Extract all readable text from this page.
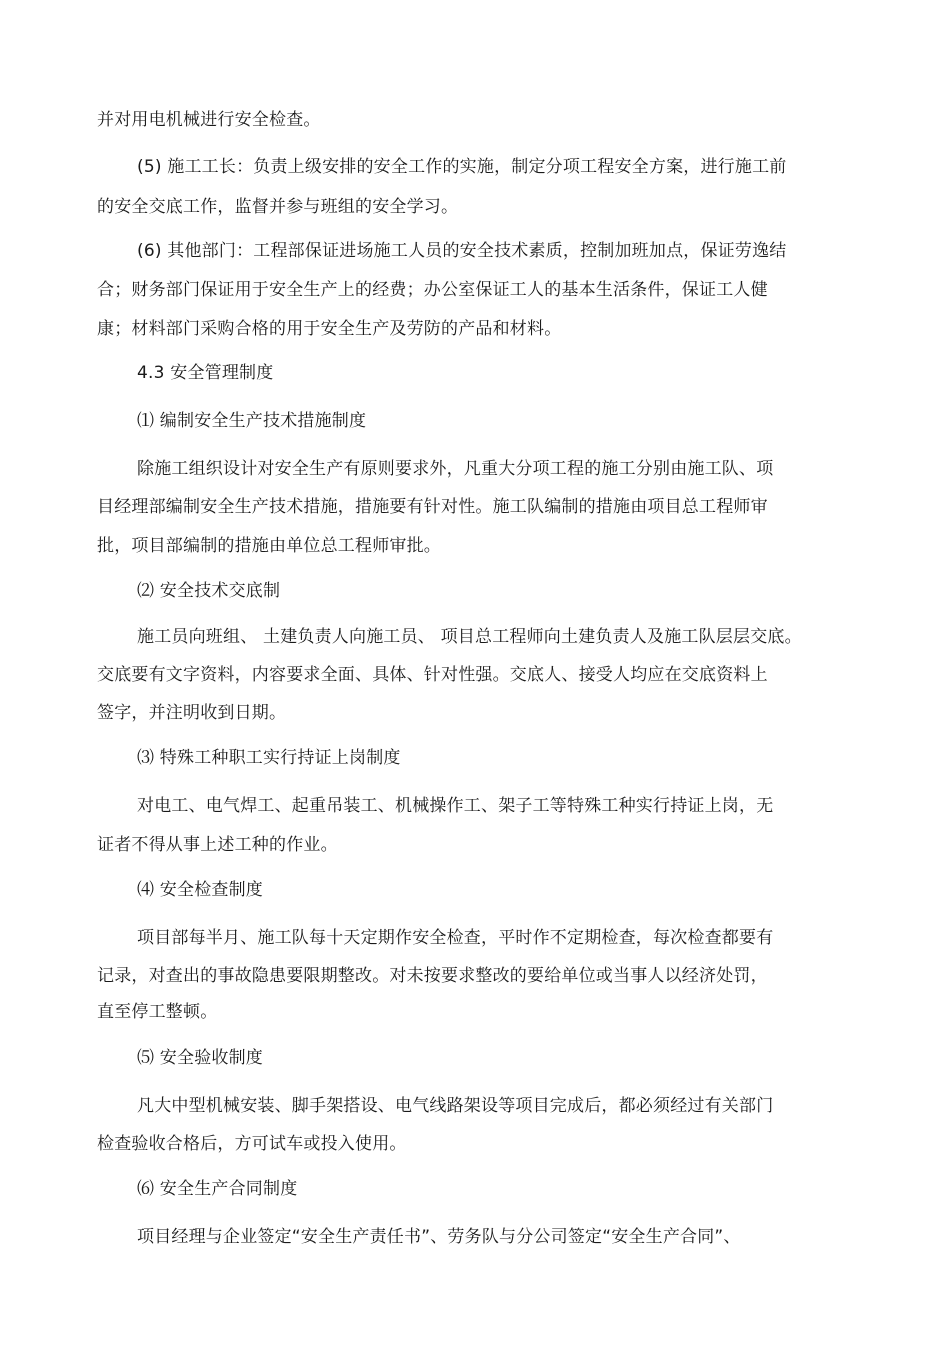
并对用电机械进行安全检查。
(5) 施工工长：负责上级安排的安全工作的实施，制定分项工程安全方案，进行施工前
的安全交底工作，监督并参与班组的安全学习。
(6) 其他部门：工程部保证进场施工人员的安全技术素质，控制加班加点，保证劳逸结
合；财务部门保证用于安全生产上的经费；办公室保证工人的基本生活条件，保证工人健
康；材料部门采购合格的用于安全生产及劳防的产品和材料。
4.3 安全管理制度
⑴ 编制安全生产技术措施制度
除施工组织设计对安全生产有原则要求外，凡重大分项工程的施工分别由施工队、项
目经理部编制安全生产技术措施，措施要有针对性。施工队编制的措施由项目总工程师审
批，项目部编制的措施由单位总工程师审批。
⑵ 安全技术交底制
施工员向班组、 土建负责人向施工员、 项目总工程师向土建负责人及施工队层层交底。
交底要有文字资料，内容要求全面、具体、针对性强。交底人、接受人均应在交底资料上
签字，并注明收到日期。
⑶ 特殊工种职工实行持证上岗制度
对电工、电气焊工、起重吊装工、机械操作工、架子工等特殊工种实行持证上岗，无
证者不得从事上述工种的作业。
⑷ 安全检查制度
项目部每半月、施工队每十天定期作安全检查，平时作不定期检查，每次检查都要有
记录，对查出的事故隐患要限期整改。对未按要求整改的要给单位或当事人以经济处罚，
直至停工整顿。
⑸ 安全验收制度
凡大中型机械安装、脚手架搭设、电气线路架设等项目完成后，都必须经过有关部门
检查验收合格后，方可试车或投入使用。
⑹ 安全生产合同制度
项目经理与企业签定“安全生产责任书”、劳务队与分公司签定“安全生产合同”、
